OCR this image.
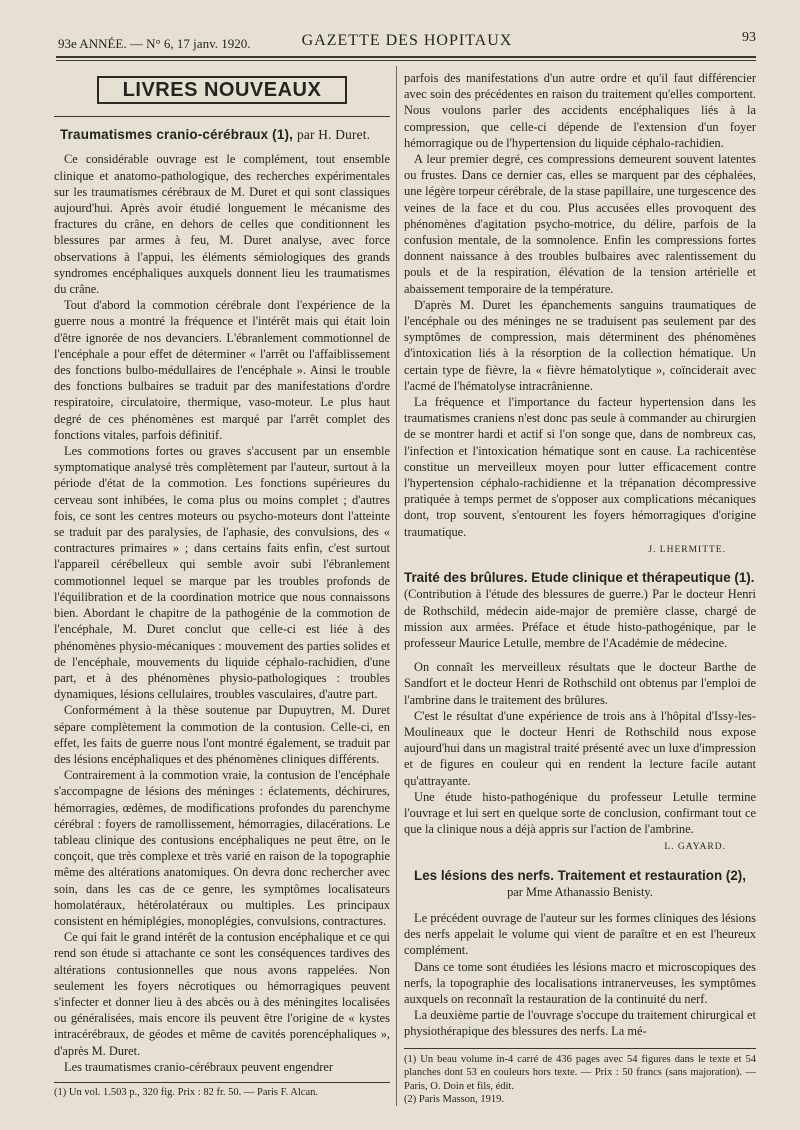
93e ANNÉE. — N° 6, 17 janv. 1920.	GAZETTE DES HOPITAUX	93
LIVRES NOUVEAUX
Traumatismes cranio-cérébraux (1), par H. Duret.

Ce considérable ouvrage est le complément, tout ensemble clinique et anatomo-pathologique, des recherches expérimentales sur les traumatismes cérébraux de M. Duret et qui sont classiques aujourd'hui. Après avoir étudié longuement le mécanisme des fractures du crâne, en dehors de celles que conditionnent les blessures par armes à feu, M. Duret analyse, avec force observations à l'appui, les éléments sémiologiques des grands syndromes encéphaliques auxquels donnent lieu les traumatismes du crâne.

Tout d'abord la commotion cérébrale dont l'expérience de la guerre nous a montré la fréquence et l'intérêt mais qui était loin d'être ignorée de nos devanciers. L'ébranlement commotionnel de l'encéphale a pour effet de déterminer « l'arrêt ou l'affaiblissement des fonctions bulbo-médullaires de l'encéphale ». Ainsi le trouble des fonctions bulbaires se traduit par des manifestations d'ordre respiratoire, circulatoire, thermique, vaso-moteur. Le plus haut degré de ces phénomènes est marqué par l'arrêt complet des fonctions vitales, parfois définitif.

Les commotions fortes ou graves s'accusent par un ensemble symptomatique analysé très complètement par l'auteur, surtout à la période d'état de la commotion. Les fonctions supérieures du cerveau sont inhibées, le coma plus ou moins complet ; d'autres fois, ce sont les centres moteurs ou psycho-moteurs dont l'atteinte se traduit par des paralysies, de l'aphasie, des convulsions, des « contractures primaires » ; dans certains faits enfin, c'est surtout l'appareil cérébelleux qui semble avoir subi l'ébranlement commotionnel lequel se marque par les troubles profonds de l'équilibration et de la coordination motrice que nous connaissons bien. Abordant le chapitre de la pathogénie de la commotion de l'encéphale, M. Duret conclut que celle-ci est liée à des phénomènes physio-mécaniques : mouvement des parties solides et de l'encéphale, mouvements du liquide céphalo-rachidien, d'une part, et à des phénomènes physio-pathologiques : troubles dynamiques, lésions cellulaires, troubles vasculaires, d'autre part.

Conformément à la thèse soutenue par Dupuytren, M. Duret sépare complètement la commotion de la contusion. Celle-ci, en effet, les faits de guerre nous l'ont montré également, se traduit par des lésions encéphaliques et des phénomènes cliniques différents.

Contrairement à la commotion vraie, la contusion de l'encéphale s'accompagne de lésions des méninges : éclatements, déchirures, hémorragies, œdèmes, de modifications profondes du parenchyme cérébral : foyers de ramollissement, hémorragies, dilacérations. Le tableau clinique des contusions encéphaliques ne peut être, on le conçoit, que très complexe et très varié en raison de la topographie même des altérations anatomiques. On devra donc rechercher avec soin, dans les cas de ce genre, les symptômes localisateurs homolatéraux, hétérolatéraux ou multiples. Les principaux consistent en hémiplégies, monoplégies, convulsions, contractures.

Ce qui fait le grand intérêt de la contusion encéphalique et ce qui rend son étude si attachante ce sont les conséquences tardives des altérations contusionnelles que nous avons rappelées. Non seulement les foyers nécrotiques ou hémorragiques peuvent s'infecter et donner lieu à des abcès ou à des méningites localisées ou généralisées, mais encore ils peuvent être l'origine de « kystes intracérébraux, de géodes et même de cavités porencéphaliques », d'après M. Duret.

Les traumatismes cranio-cérébraux peuvent engendrer

(1) Un vol. 1.503 p., 320 fig. Prix : 82 fr. 50. — Paris F. Alcan.

parfois des manifestations d'un autre ordre et qu'il faut différencier avec soin des précédentes en raison du traitement qu'elles comportent. Nous voulons parler des accidents encéphaliques liés à la compression, que celle-ci dépende de l'extension d'un foyer hémorragique ou de l'hypertension du liquide céphalo-rachidien.

A leur premier degré, ces compressions demeurent souvent latentes ou frustes. Dans ce dernier cas, elles se marquent par des céphalées, une légère torpeur cérébrale, de la stase papillaire, une turgescence des veines de la face et du cou. Plus accusées elles provoquent des phénomènes d'agitation psycho-motrice, du délire, parfois de la confusion mentale, de la somnolence. Enfin les compressions fortes donnent naissance à des troubles bulbaires avec ralentissement du pouls et de la respiration, élévation de la tension artérielle et abaissement temporaire de la température.

D'après M. Duret les épanchements sanguins traumatiques de l'encéphale ou des méninges ne se traduisent pas seulement par des symptômes de compression, mais déterminent des phénomènes d'intoxication liés à la résorption de la collection hématique. Un certain type de fièvre, la « fièvre hématolytique », coïnciderait avec l'acmé de l'hématolyse intracrânienne.

La fréquence et l'importance du facteur hypertension dans les traumatismes craniens n'est donc pas seule à commander au chirurgien de se montrer hardi et actif si l'on songe que, dans de nombreux cas, l'infection et l'intoxication hématique sont en cause. La rachicentèse constitue un merveilleux moyen pour lutter efficacement contre l'hypertension céphalo-rachidienne et la trépanation décompressive pratiquée à temps permet de s'opposer aux complications mécaniques dont, trop souvent, s'entourent les foyers hémorragiques d'origine traumatique.

J. LHERMITTE.
Traité des brûlures. Etude clinique et thérapeutique (1).

(Contribution à l'étude des blessures de guerre.) Par le docteur Henri de Rothschild, médecin aide-major de première classe, chargé de mission aux armées. Préface et étude histo-pathogénique, par le professeur Maurice Letulle, membre de l'Académie de médecine.

On connaît les merveilleux résultats que le docteur Barthe de Sandfort et le docteur Henri de Rothschild ont obtenus par l'emploi de l'ambrine dans le traitement des brûlures.

C'est le résultat d'une expérience de trois ans à l'hôpital d'Issy-les-Moulineaux que le docteur Henri de Rothschild nous expose aujourd'hui dans un magistral traité présenté avec un luxe d'impression et de figures en couleur qui en rendent la lecture facile autant qu'attrayante.

Une étude histo-pathogénique du professeur Letulle termine l'ouvrage et lui sert en quelque sorte de conclusion, confirmant tout ce que la clinique nous a déjà appris sur l'action de l'ambrine.

L. GAYARD.
Les lésions des nerfs. Traitement et restauration (2),
par Mme Athanassio Benisty.

Le précédent ouvrage de l'auteur sur les formes cliniques des lésions des nerfs appelait le volume qui vient de paraître et en est l'heureux complément.

Dans ce tome sont étudiées les lésions macro et microscopiques des nerfs, la topographie des localisations intranerveuses, les symptômes auxquels on reconnaît la restauration de la continuité du nerf.

La deuxième partie de l'ouvrage s'occupe du traitement chirurgical et physiothérapique des blessures des nerfs. La mé-

(1) Un beau volume in-4 carré de 436 pages avec 54 figures dans le texte et 54 planches dont 53 en couleurs hors texte. — Prix : 50 francs (sans majoration). — Paris, O. Doin et fils, édit.

(2) Paris Masson, 1919.
